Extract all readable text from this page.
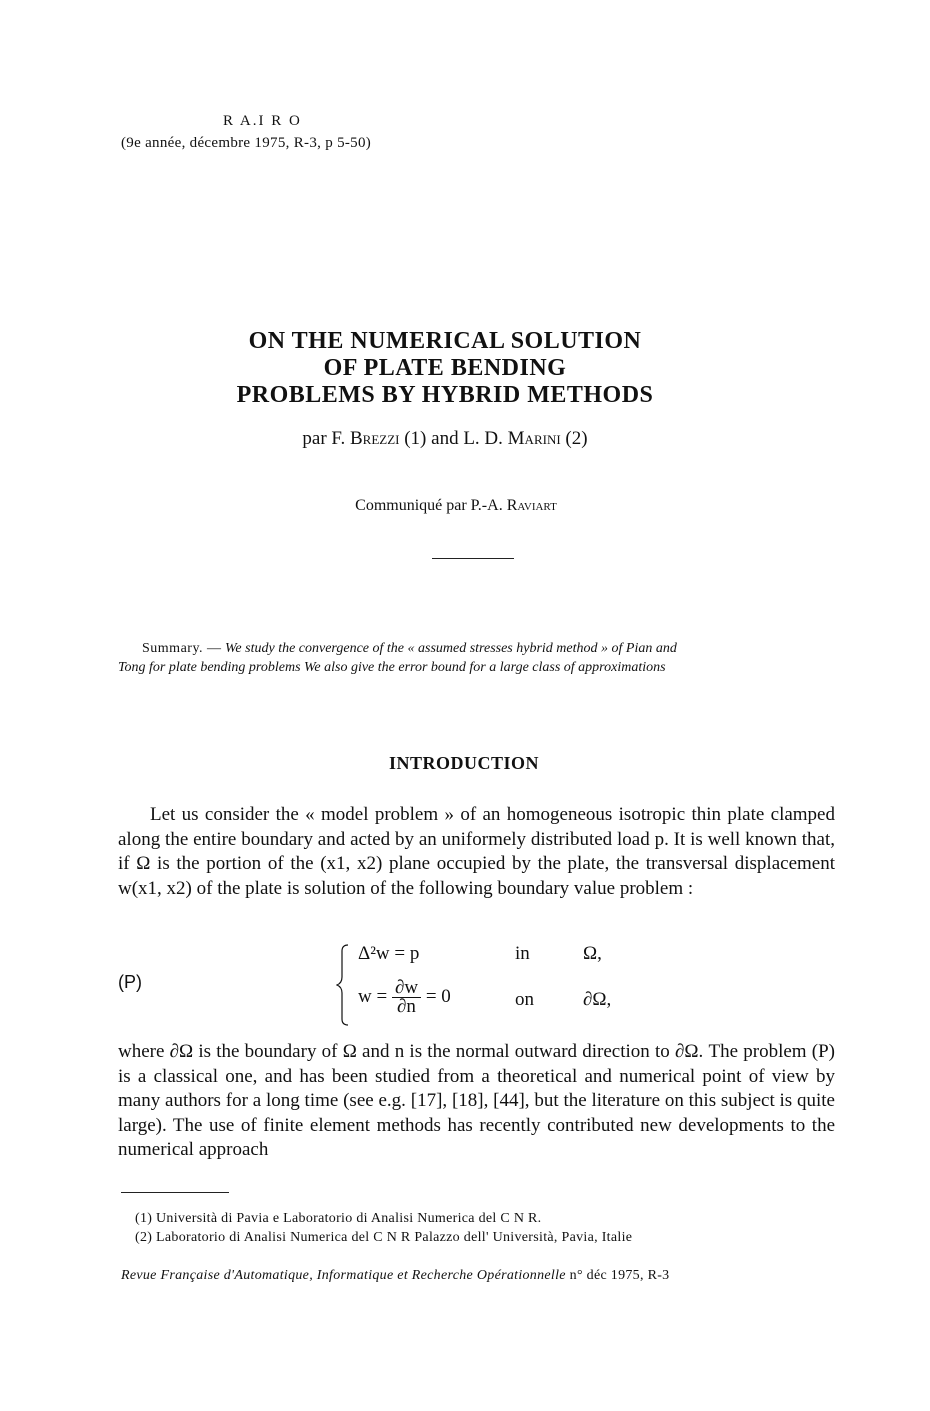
R A.I R O
(9e année, décembre 1975, R-3, p 5-50)
ON THE NUMERICAL SOLUTION
OF PLATE BENDING
PROBLEMS BY HYBRID METHODS
par F. Brezzi (1) and L. D. Marini (2)
Communiqué par P.-A. Raviart
Summary. — We study the convergence of the « assumed stresses hybrid method » of Pian and
Tong for plate bending problems We also give the error bound for a large class of approximations
INTRODUCTION
Let us consider the « model problem » of an homogeneous isotropic thin plate clamped along the entire boundary and acted by an uniformely distributed load p. It is well known that, if Ω is the portion of the (x1, x2) plane occupied by the plate, the transversal displacement w(x1, x2) of the plate is solution of the following boundary value problem :
(P)
Δ²w = p	in	Ω,
$w = \frac{\partial w}{\partial n} = 0$	on	∂Ω,
where ∂Ω is the boundary of Ω and n is the normal outward direction to ∂Ω. The problem (P) is a classical one, and has been studied from a theoretical and numerical point of view by many authors for a long time (see e.g. [17], [18], [44], but the literature on this subject is quite large). The use of finite element methods has recently contributed new developments to the numerical approach
(1) Università di Pavia e Laboratorio di Analisi Numerica del C N R.
(2) Laboratorio di Analisi Numerica del C N R Palazzo dell' Università, Pavia, Italie
Revue Française d'Automatique, Informatique et Recherche Opérationnelle n° déc 1975, R-3
